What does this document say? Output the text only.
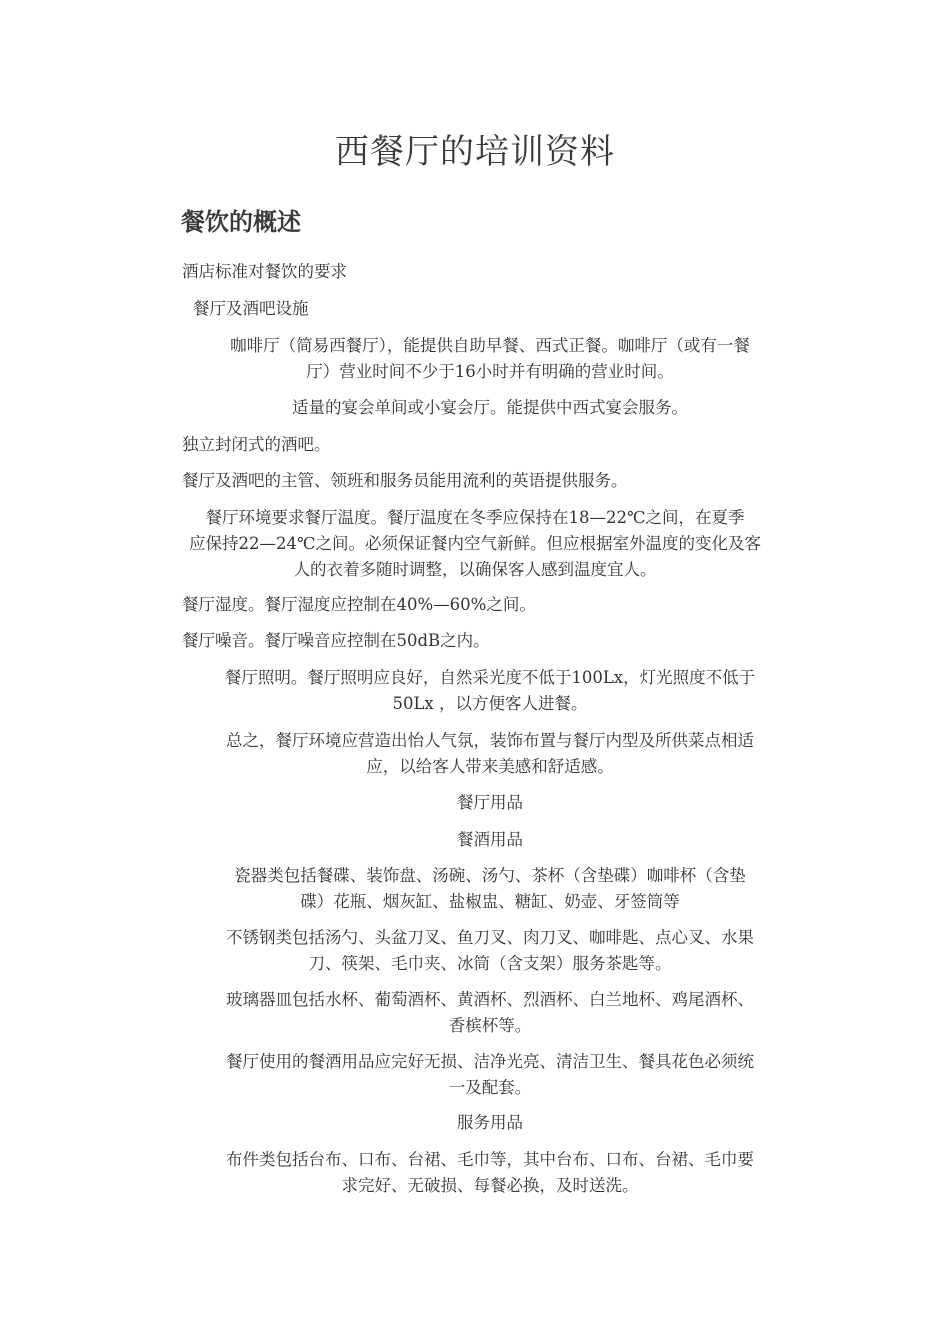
西餐厅的培训资料
餐饮的概述
酒店标准对餐饮的要求
餐厅及酒吧设施
咖啡厅（简易西餐厅），能提供自助早餐、西式正餐。咖啡厅（或有一餐
厅）营业时间不少于16小时并有明确的营业时间。
适量的宴会单间或小宴会厅。能提供中西式宴会服务。
独立封闭式的酒吧。
餐厅及酒吧的主管、领班和服务员能用流利的英语提供服务。
餐厅环境要求餐厅温度。餐厅温度在冬季应保持在18—22℃之间，在夏季
应保持22—24℃之间。必须保证餐内空气新鲜。但应根据室外温度的变化及客
人的衣着多随时调整，以确保客人感到温度宜人。
餐厅湿度。餐厅湿度应控制在40%—60%之间。
餐厅噪音。餐厅噪音应控制在50dB之内。
餐厅照明。餐厅照明应良好，自然采光度不低于100Lx，灯光照度不低于
50Lx ，以方便客人进餐。
总之，餐厅环境应营造出怡人气氛，装饰布置与餐厅内型及所供菜点相适
应，以给客人带来美感和舒适感。
餐厅用品
餐酒用品
瓷器类包括餐碟、装饰盘、汤碗、汤勺、茶杯（含垫碟）咖啡杯（含垫
碟）花瓶、烟灰缸、盐椒盅、糖缸、奶壶、牙签筒等
不锈钢类包括汤勺、头盆刀叉、鱼刀叉、肉刀叉、咖啡匙、点心叉、水果
刀、筷架、毛巾夹、冰筒（含支架）服务茶匙等。
玻璃器皿包括水杯、葡萄酒杯、黄酒杯、烈酒杯、白兰地杯、鸡尾酒杯、
香槟杯等。
餐厅使用的餐酒用品应完好无损、洁净光亮、清洁卫生、餐具花色必须统
一及配套。
服务用品
布件类包括台布、口布、台裙、毛巾等，其中台布、口布、台裙、毛巾要
求完好、无破损、每餐必换，及时送洗。
